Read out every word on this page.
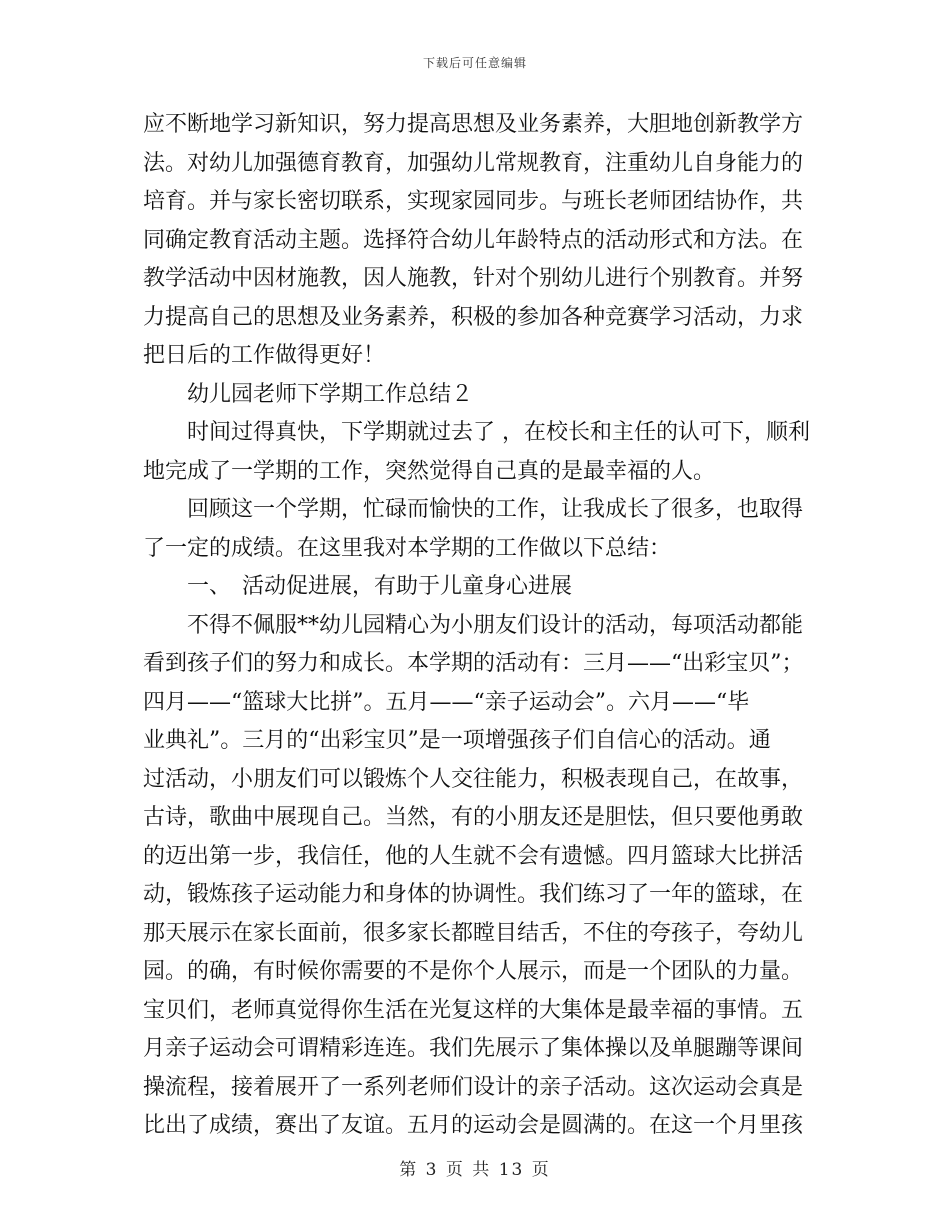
下载后可任意编辑
应不断地学习新知识，努力提高思想及业务素养，大胆地创新教学方
法。对幼儿加强德育教育，加强幼儿常规教育，注重幼儿自身能力的
培育。并与家长密切联系，实现家园同步。与班长老师团结协作，共
同确定教育活动主题。选择符合幼儿年龄特点的活动形式和方法。在
教学活动中因材施教，因人施教，针对个别幼儿进行个别教育。并努
力提高自己的思想及业务素养，积极的参加各种竞赛学习活动，力求
把日后的工作做得更好！
幼儿园老师下学期工作总结２
时间过得真快，下学期就过去了 ，在校长和主任的认可下，顺利
地完成了一学期的工作，突然觉得自己真的是最幸福的人。
回顾这一个学期，忙碌而愉快的工作，让我成长了很多，也取得
了一定的成绩。在这里我对本学期的工作做以下总结：
一、　活动促进展，有助于儿童身心进展
不得不佩服**幼儿园精心为小朋友们设计的活动，每项活动都能
看到孩子们的努力和成长。本学期的活动有：三月——“出彩宝贝”；
四月——“篮球大比拼”。五月——“亲子运动会”。六月——“毕
业典礼”。三月的“出彩宝贝”是一项增强孩子们自信心的活动。通
过活动，小朋友们可以锻炼个人交往能力，积极表现自己，在故事，
古诗，歌曲中展现自己。当然，有的小朋友还是胆怯，但只要他勇敢
的迈出第一步，我信任，他的人生就不会有遗憾。四月篮球大比拼活
动，锻炼孩子运动能力和身体的协调性。我们练习了一年的篮球，在
那天展示在家长面前，很多家长都瞠目结舌，不住的夸孩子，夸幼儿
园。的确，有时候你需要的不是你个人展示，而是一个团队的力量。
宝贝们，老师真觉得你生活在光复这样的大集体是最幸福的事情。五
月亲子运动会可谓精彩连连。我们先展示了集体操以及单腿蹦等课间
操流程，接着展开了一系列老师们设计的亲子活动。这次运动会真是
比出了成绩，赛出了友谊。五月的运动会是圆满的。在这一个月里孩
第 3 页 共 13 页
